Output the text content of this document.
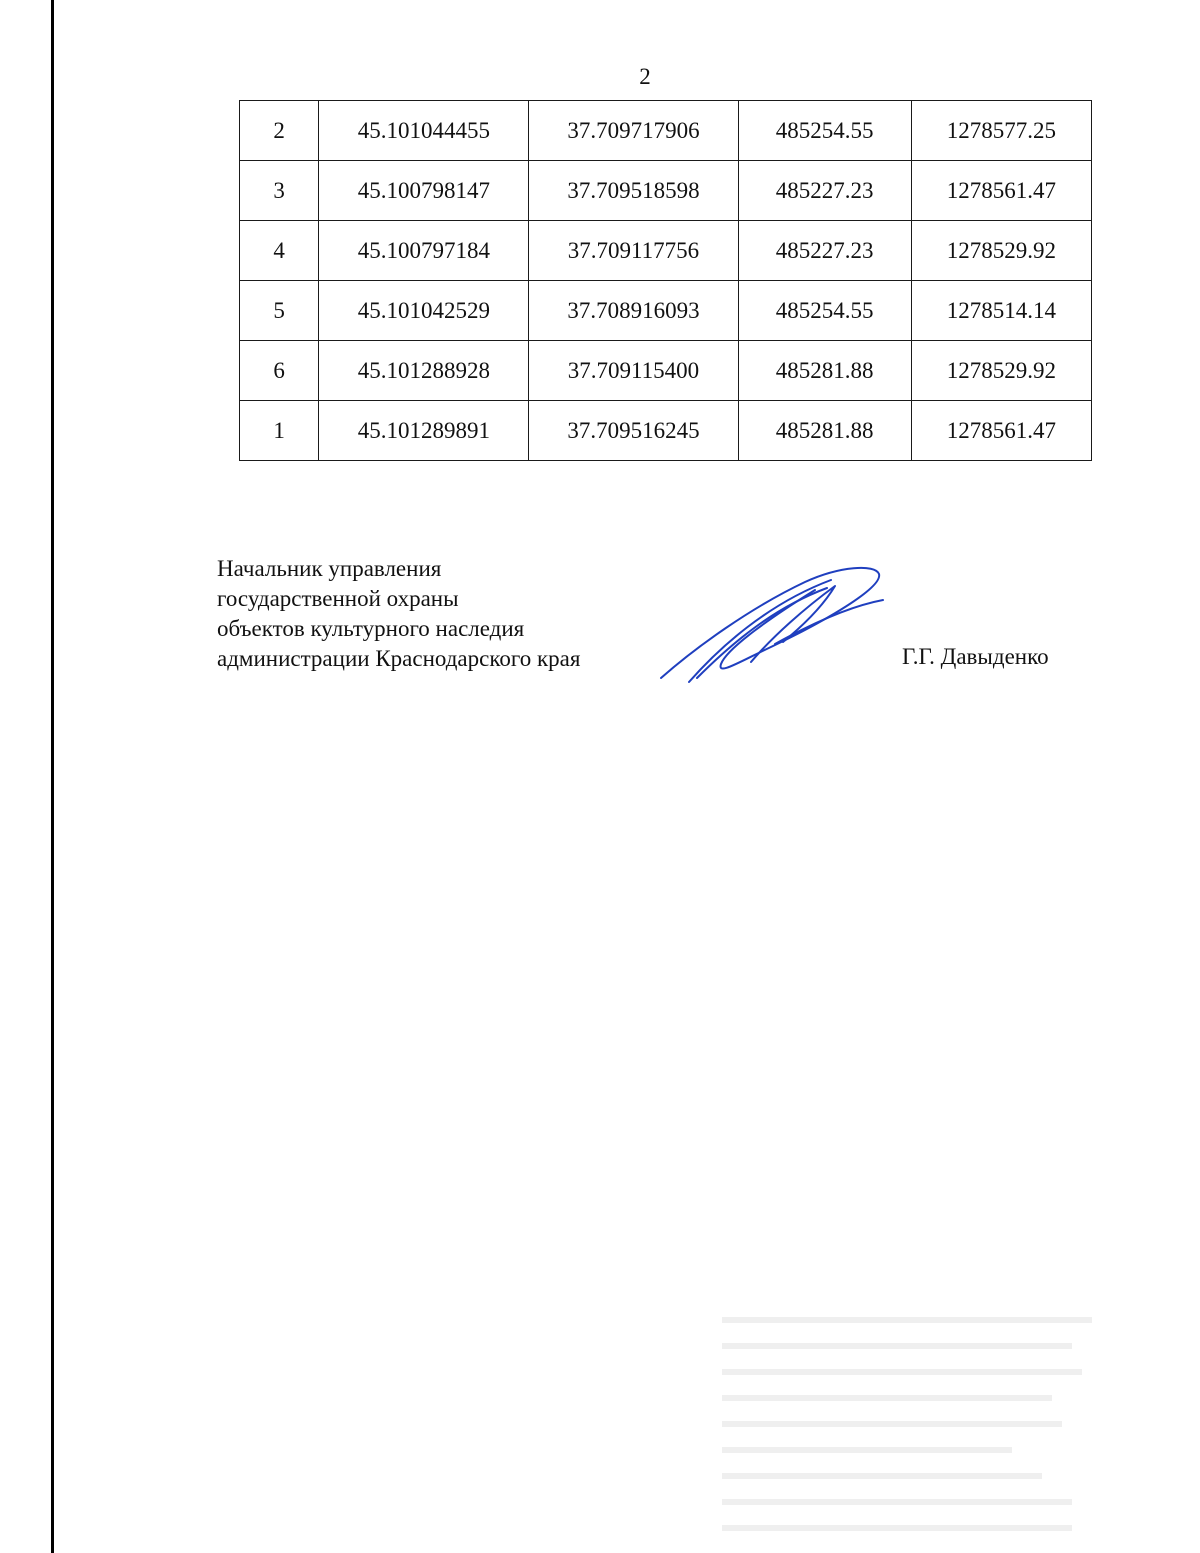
2
2	45.101044455	37.709717906	485254.55	1278577.25
3	45.100798147	37.709518598	485227.23	1278561.47
4	45.100797184	37.709117756	485227.23	1278529.92
5	45.101042529	37.708916093	485254.55	1278514.14
6	45.101288928	37.709115400	485281.88	1278529.92
1	45.101289891	37.709516245	485281.88	1278561.47
Начальник управления
государственной охраны
объектов культурного наследия
администрации Краснодарского края	Г.Г. Давыденко
